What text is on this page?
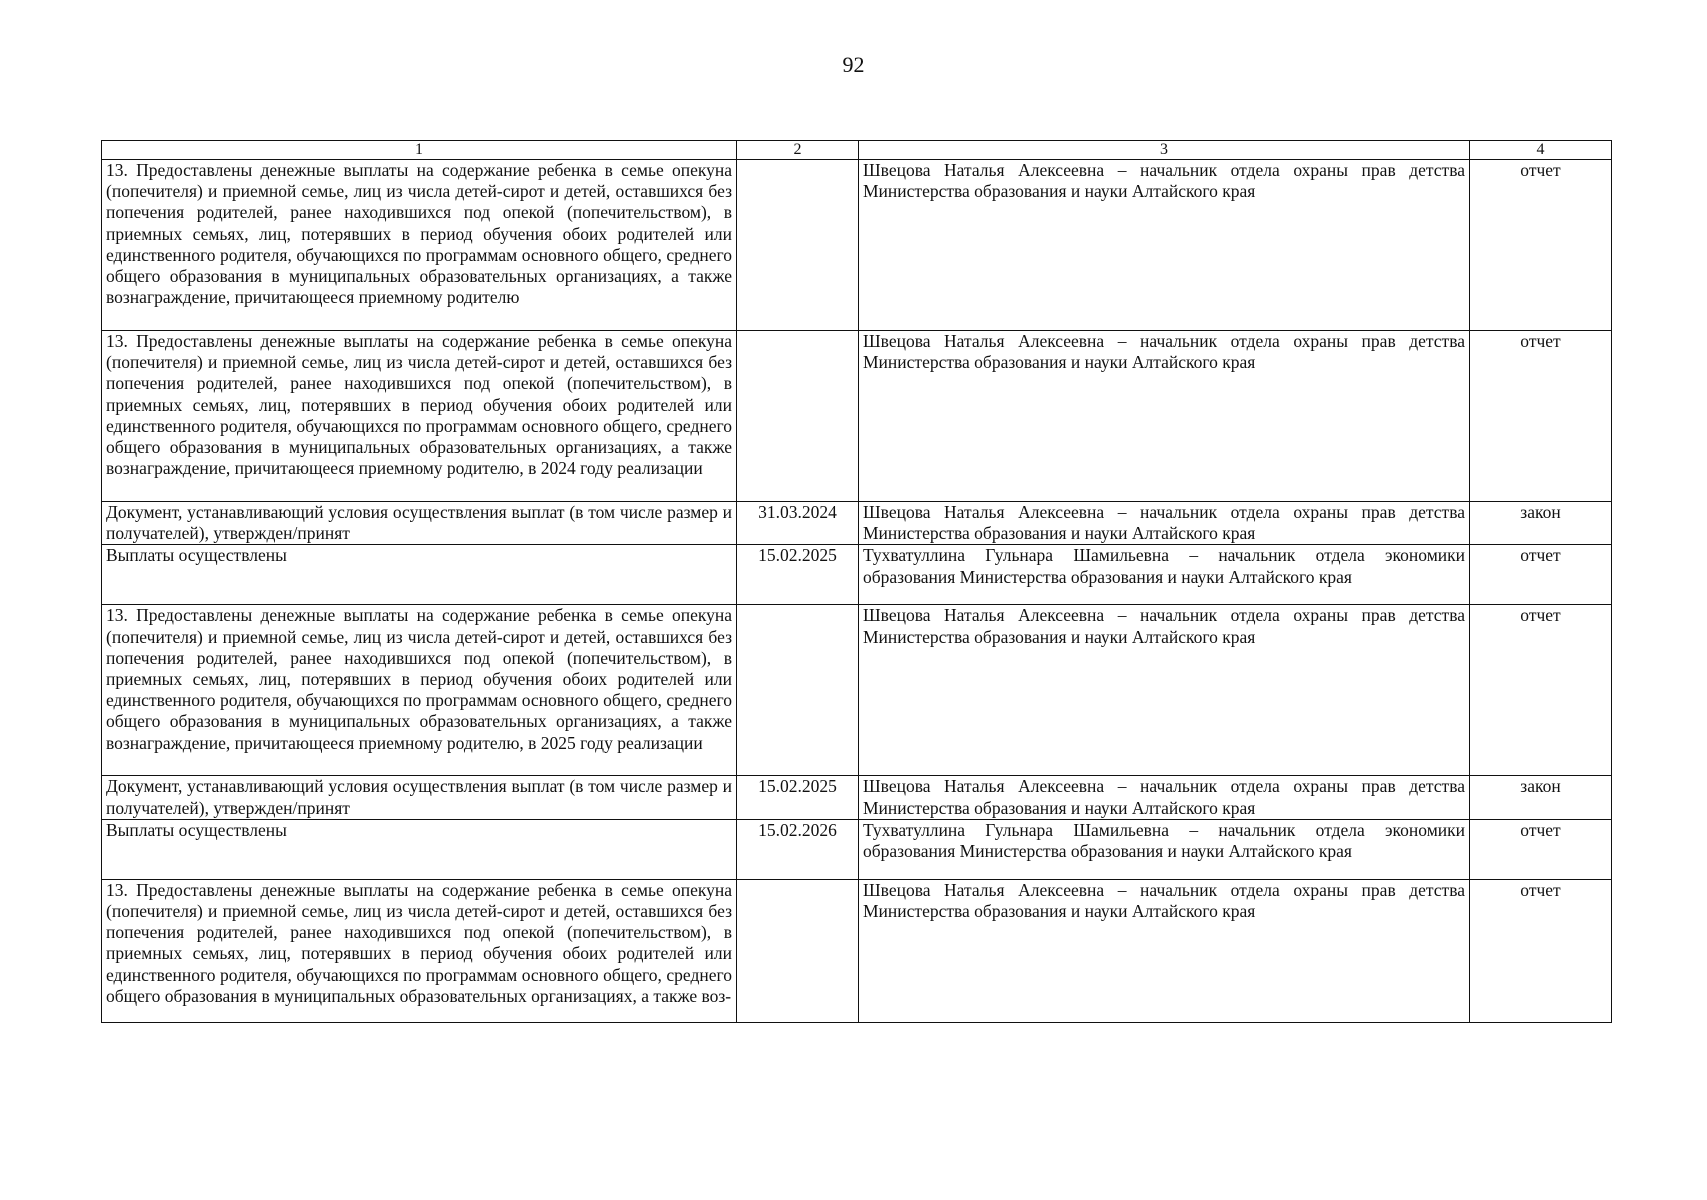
92
1	2	3	4
13. Предоставлены денежные выплаты на содержание ребенка в семье опекуна (попечителя) и приемной семье, лиц из числа детей-сирот и детей, оставшихся без попечения родителей, ранее находившихся под опекой (попечительством), в приемных семьях, лиц, потерявших в период обучения обоих родителей или единственного родителя, обучающихся по программам основного общего, среднего общего образования в муниципальных образовательных организациях, а также вознаграждение, причитающееся приемному родителю		Швецова Наталья Алексеевна – начальник отдела охраны прав детства Министерства образования и науки Алтайского края	отчет
13. Предоставлены денежные выплаты на содержание ребенка в семье опекуна (попечителя) и приемной семье, лиц из числа детей-сирот и детей, оставшихся без попечения родителей, ранее находившихся под опекой (попечительством), в приемных семьях, лиц, потерявших в период обучения обоих родителей или единственного родителя, обучающихся по программам основного общего, среднего общего образования в муниципальных образовательных организациях, а также вознаграждение, причитающееся приемному родителю, в 2024 году реализации		Швецова Наталья Алексеевна – начальник отдела охраны прав детства Министерства образования и науки Алтайского края	отчет
Документ, устанавливающий условия осуществления выплат (в том числе размер и получателей), утвержден/принят	31.03.2024	Швецова Наталья Алексеевна – начальник отдела охраны прав детства Министерства образования и науки Алтайского края	закон
Выплаты осуществлены	15.02.2025	Тухватуллина Гульнара Шамильевна – начальник отдела экономики образования Министерства образования и науки Алтайского края	отчет
13. Предоставлены денежные выплаты на содержание ребенка в семье опекуна (попечителя) и приемной семье, лиц из числа детей-сирот и детей, оставшихся без попечения родителей, ранее находившихся под опекой (попечительством), в приемных семьях, лиц, потерявших в период обучения обоих родителей или единственного родителя, обучающихся по программам основного общего, среднего общего образования в муниципальных образовательных организациях, а также вознаграждение, причитающееся приемному родителю, в 2025 году реализации		Швецова Наталья Алексеевна – начальник отдела охраны прав детства Министерства образования и науки Алтайского края	отчет
Документ, устанавливающий условия осуществления выплат (в том числе размер и получателей), утвержден/принят	15.02.2025	Швецова Наталья Алексеевна – начальник отдела охраны прав детства Министерства образования и науки Алтайского края	закон
Выплаты осуществлены	15.02.2026	Тухватуллина Гульнара Шамильевна – начальник отдела экономики образования Министерства образования и науки Алтайского края	отчет

13. Предоставлены денежные выплаты на содержание ребенка в семье опекуна (попечителя) и приемной семье, лиц из числа детей-сирот и детей, оставшихся без попечения родителей, ранее находившихся под опекой (попечительством), в приемных семьях, лиц, потерявших в период обучения обоих родителей или единственного родителя, обучающихся по программам основного общего, среднего общего образования в муниципальных образовательных организациях, а также воз-		Швецова Наталья Алексеевна – начальник отдела охраны прав детства Министерства образования и науки Алтайского края	отчет
